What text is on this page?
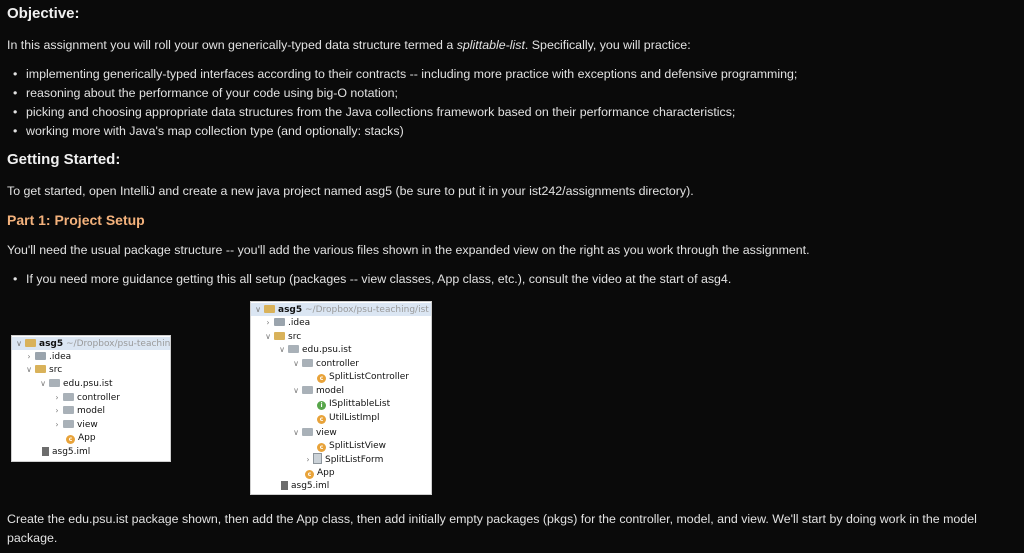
Objective:

In this assignment you will roll your own generically-typed data structure termed a splittable-list. Specifically, you will practice:

• implementing generically-typed interfaces according to their contracts -- including more practice with exceptions and defensive programming;
• reasoning about the performance of your code using big-O notation;
• picking and choosing appropriate data structures from the Java collections framework based on their performance characteristics;
• working more with Java's map collection type (and optionally: stacks)
Getting Started:

To get started, open IntelliJ and create a new java project named asg5 (be sure to put it in your ist242/assignments directory).

Part 1: Project Setup

You'll need the usual package structure -- you'll add the various files shown in the expanded view on the right as you work through the assignment.

• If you need more guidance getting this all setup (packages -- view classes, App class, etc.), consult the video at the start of asg4.
∨ asg5 ~/Dropbox/psu-teachin
› .idea
∨ src
∨ edu.psu.ist
› controller
› model
› view
c App
asg5.iml
∨ asg5 ~/Dropbox/psu-teaching/ist
› .idea
∨ src
∨ edu.psu.ist
∨ controller
c SplitListController
∨ model
i ISplittableList
c UtilListImpl
∨ view
c SplitListView
› SplitListForm
c App
asg5.iml

Create the edu.psu.ist package shown, then add the App class, then add initially empty packages (pkgs) for the controller, model, and view. We'll start by doing work in the model
package.
